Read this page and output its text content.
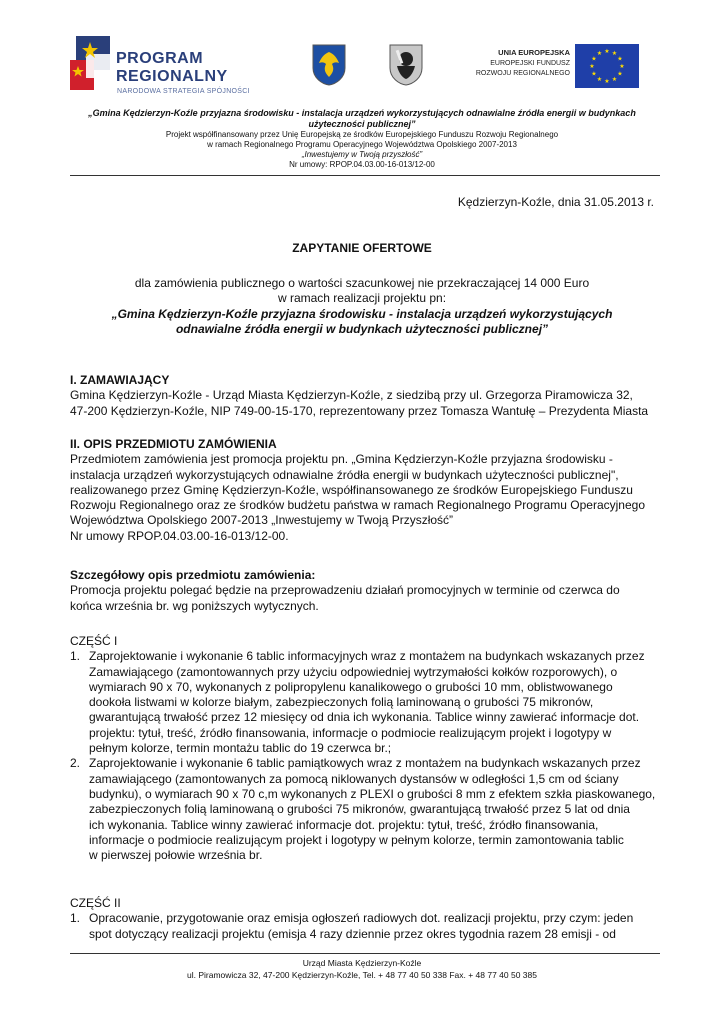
PROGRAM
REGIONALNY
NARODOWA STRATEGIA SPÓJNOŚCI
UNIA EUROPEJSKA
EUROPEJSKI FUNDUSZ
ROZWOJU REGIONALNEGO
★ ★
★
★
★
★
★
★
★
★
★
★
„Gmina Kędzierzyn-Koźle przyjazna środowisku - instalacja urządzeń wykorzystujących odnawialne źródła energii w budynkach użyteczności publicznej”
Projekt współfinansowany przez Unię Europejską ze środków Europejskiego Funduszu Rozwoju Regionalnego
w ramach Regionalnego Programu Operacyjnego Województwa Opolskiego 2007-2013
„Inwestujemy w Twoją przyszłość”
Nr umowy: RPOP.04.03.00-16-013/12-00
Kędzierzyn-Koźle, dnia 31.05.2013 r.
ZAPYTANIE OFERTOWE
dla zamówienia publicznego o wartości szacunkowej nie przekraczającej 14 000 Euro
w ramach realizacji projektu pn:
„Gmina Kędzierzyn-Koźle przyjazna środowisku - instalacja urządzeń wykorzystujących
odnawialne źródła energii w budynkach użyteczności publicznej”
I. ZAMAWIAJĄCY
Gmina Kędzierzyn-Koźle - Urząd Miasta Kędzierzyn-Koźle, z siedzibą przy ul. Grzegorza Piramowicza 32,
47-200 Kędzierzyn-Koźle, NIP 749-00-15-170, reprezentowany przez Tomasza Wantułę – Prezydenta Miasta
II. OPIS PRZEDMIOTU ZAMÓWIENIA
Przedmiotem zamówienia jest promocja projektu pn. „Gmina Kędzierzyn-Koźle przyjazna środowisku -
instalacja urządzeń wykorzystujących odnawialne źródła energii w budynkach użyteczności publicznej",
realizowanego przez Gminę Kędzierzyn-Koźle, współfinansowanego ze środków Europejskiego Funduszu
Rozwoju Regionalnego oraz ze środków budżetu państwa w ramach Regionalnego Programu Operacyjnego
Województwa Opolskiego 2007-2013 „Inwestujemy w Twoją Przyszłość”
Nr umowy RPOP.04.03.00-16-013/12-00.
Szczegółowy opis przedmiotu zamówienia:
Promocja projektu polegać będzie na przeprowadzeniu działań promocyjnych w terminie od czerwca do
końca września br. wg poniższych wytycznych.
CZĘŚĆ I
1. Zaprojektowanie i wykonanie 6 tablic informacyjnych wraz z montażem na budynkach wskazanych przez
Zamawiającego (zamontowannych przy użyciu odpowiedniej wytrzymałości kołków rozporowych), o
wymiarach 90 x 70, wykonanych z polipropylenu kanalikowego o grubości 10 mm, oblistwowanego
dookoła listwami w kolorze białym, zabezpieczonych folią laminowaną o grubości 75 mikronów,
gwarantującą trwałość przez 12 miesięcy od dnia ich wykonania. Tablice winny zawierać informacje dot.
projektu: tytuł, treść, źródło finansowania, informacje o podmiocie realizującym projekt i logotypy w
pełnym kolorze, termin montażu tablic do 19 czerwca br.;
2. Zaprojektowanie i wykonanie 6 tablic pamiątkowych wraz z montażem na budynkach wskazanych przez
zamawiającego (zamontowanych za pomocą niklowanych dystansów w odległości 1,5 cm od ściany
budynku), o wymiarach 90 x 70 c,m wykonanych z PLEXI o grubości 8 mm z efektem szkła piaskowanego,
zabezpieczonych folią laminowaną o grubości 75 mikronów, gwarantującą trwałość przez 5 lat od dnia
ich wykonania. Tablice winny zawierać informacje dot. projektu: tytuł, treść, źródło finansowania,
informacje o podmiocie realizującym projekt i logotypy w pełnym kolorze, termin zamontowania tablic
w pierwszej połowie września br.
CZĘŚĆ II
1. Opracowanie, przygotowanie oraz emisja ogłoszeń radiowych dot. realizacji projektu, przy czym: jeden
spot dotyczący realizacji projektu (emisja 4 razy dziennie przez okres tygodnia razem 28 emisji - od
Urząd Miasta Kędzierzyn-Koźle
ul. Piramowicza 32, 47-200 Kędzierzyn-Koźle, Tel. + 48 77 40 50 338 Fax. + 48 77 40 50 385
